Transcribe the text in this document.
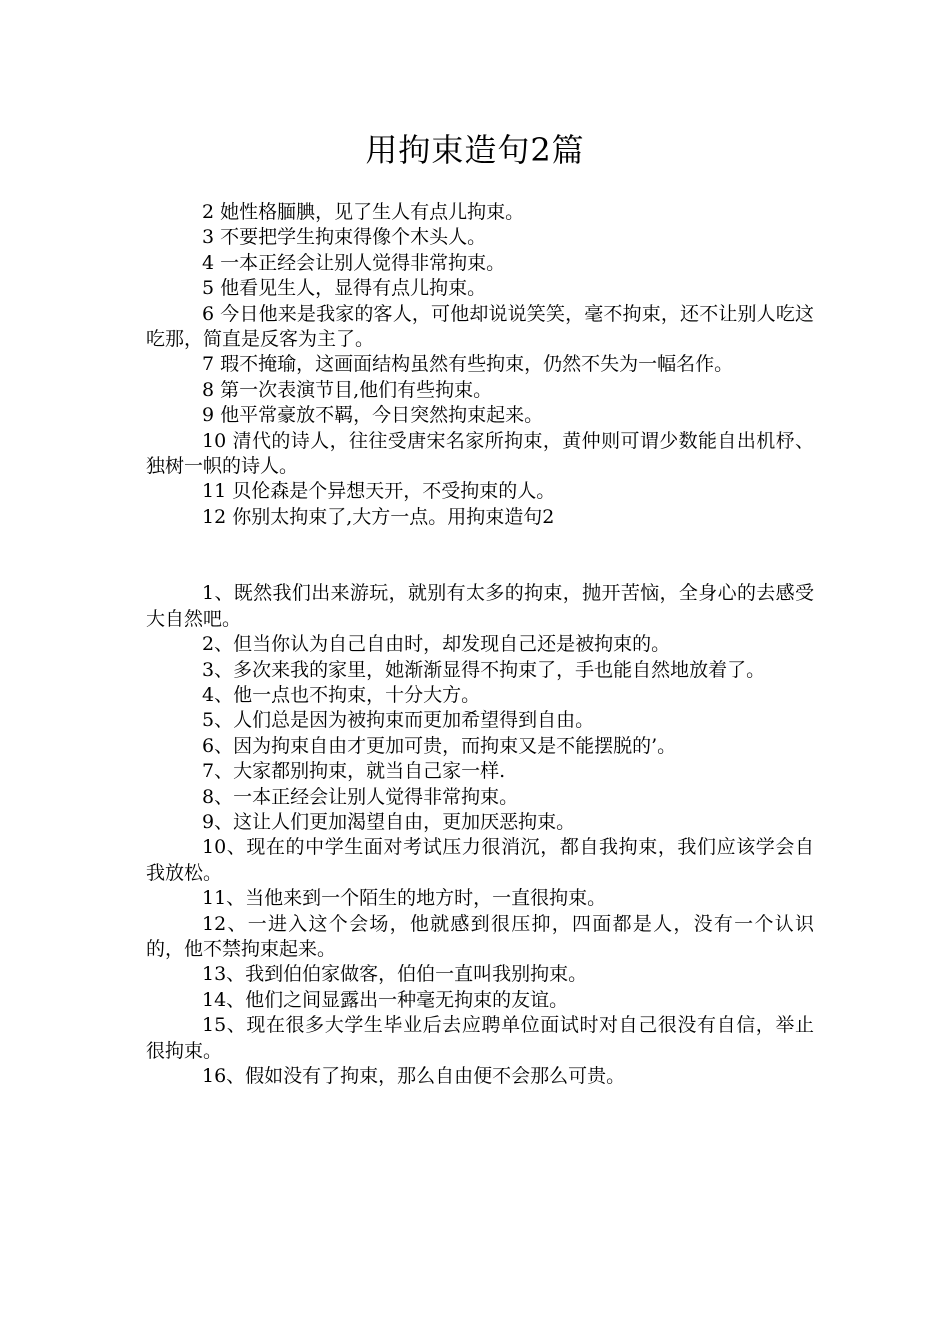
用拘束造句2篇

2 她性格腼腆，见了生人有点儿拘束。

3 不要把学生拘束得像个木头人。

4 一本正经会让别人觉得非常拘束。

5 他看见生人，显得有点儿拘束。

6 今日他来是我家的客人，可他却说说笑笑，毫不拘束，还不让别人吃这吃那，简直是反客为主了。

7 瑕不掩瑜，这画面结构虽然有些拘束，仍然不失为一幅名作。

8 第一次表演节目,他们有些拘束。

9 他平常豪放不羁，今日突然拘束起来。

10 清代的诗人，往往受唐宋名家所拘束，黄仲则可谓少数能自出机杼、独树一帜的诗人。

11 贝伦森是个异想天开，不受拘束的人。

12 你别太拘束了,大方一点。用拘束造句2

1、既然我们出来游玩，就别有太多的拘束，抛开苦恼，全身心的去感受大自然吧。

2、但当你认为自己自由时，却发现自己还是被拘束的。

3、多次来我的家里，她渐渐显得不拘束了，手也能自然地放着了。

4、他一点也不拘束，十分大方。

5、人们总是因为被拘束而更加希望得到自由。

6、因为拘束自由才更加可贵，而拘束又是不能摆脱的’。

7、大家都别拘束，就当自己家一样.

8、一本正经会让别人觉得非常拘束。

9、这让人们更加渴望自由，更加厌恶拘束。

10、现在的中学生面对考试压力很消沉，都自我拘束，我们应该学会自我放松。

11、当他来到一个陌生的地方时，一直很拘束。

12、一进入这个会场，他就感到很压抑，四面都是人，没有一个认识的，他不禁拘束起来。

13、我到伯伯家做客，伯伯一直叫我别拘束。

14、他们之间显露出一种毫无拘束的友谊。

15、现在很多大学生毕业后去应聘单位面试时对自己很没有自信，举止很拘束。

16、假如没有了拘束，那么自由便不会那么可贵。
